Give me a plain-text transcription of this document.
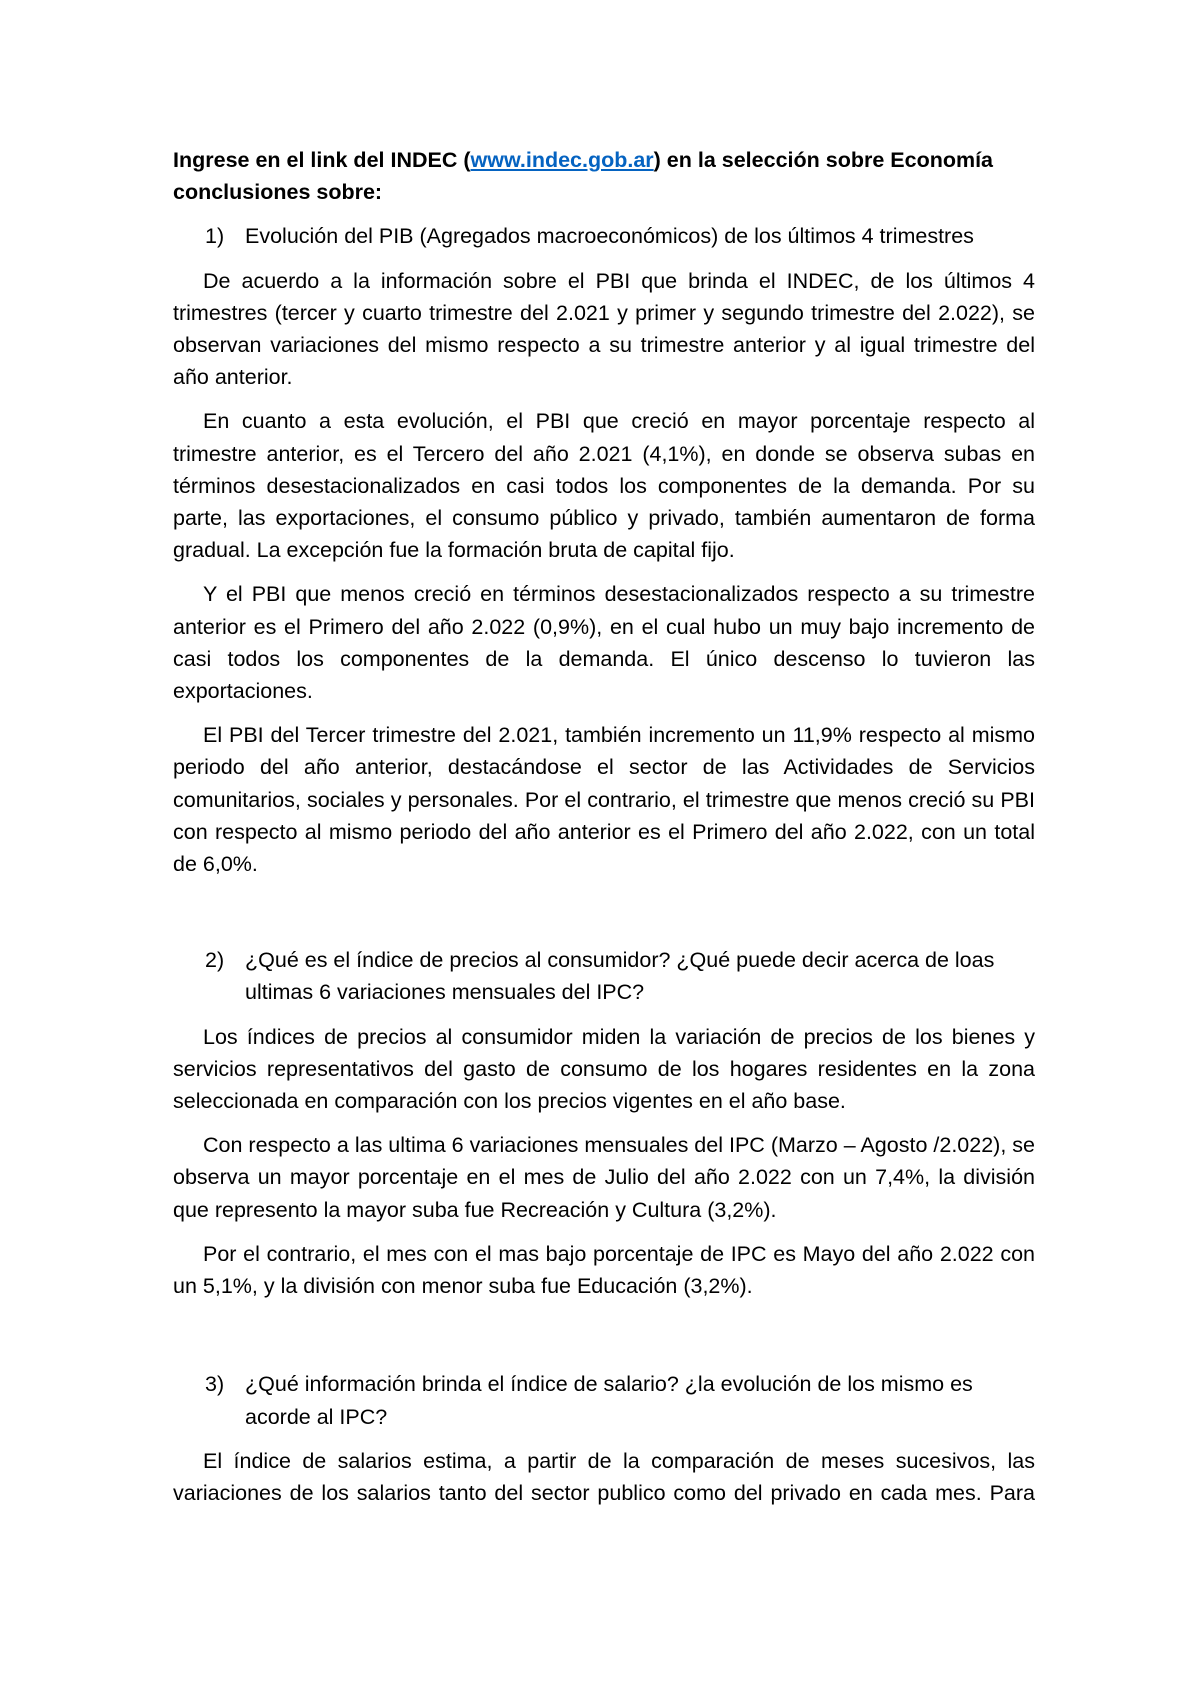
Ingrese en el link del INDEC (www.indec.gob.ar) en la selección sobre Economía conclusiones sobre:

1) Evolución del PIB (Agregados macroeconómicos) de los últimos 4 trimestres

De acuerdo a la información sobre el PBI que brinda el INDEC, de los últimos 4 trimestres (tercer y cuarto trimestre del 2.021 y primer y segundo trimestre del 2.022), se observan variaciones del mismo respecto a su trimestre anterior y al igual trimestre del año anterior.

En cuanto a esta evolución, el PBI que creció en mayor porcentaje respecto al trimestre anterior, es el Tercero del año 2.021 (4,1%), en donde se observa subas en términos desestacionalizados en casi todos los componentes de la demanda. Por su parte, las exportaciones, el consumo público y privado, también aumentaron de forma gradual. La excepción fue la formación bruta de capital fijo.

Y el PBI que menos creció en términos desestacionalizados respecto a su trimestre anterior es el Primero del año 2.022 (0,9%), en el cual hubo un muy bajo incremento de casi todos los componentes de la demanda. El único descenso lo tuvieron las exportaciones.

El PBI del Tercer trimestre del 2.021, también incremento un 11,9% respecto al mismo periodo del año anterior, destacándose el sector de las Actividades de Servicios comunitarios, sociales y personales. Por el contrario, el trimestre que menos creció su PBI con respecto al mismo periodo del año anterior es el Primero del año 2.022, con un total de 6,0%.

2) ¿Qué es el índice de precios al consumidor? ¿Qué puede decir acerca de loas ultimas 6 variaciones mensuales del IPC?

Los índices de precios al consumidor miden la variación de precios de los bienes y servicios representativos del gasto de consumo de los hogares residentes en la zona seleccionada en comparación con los precios vigentes en el año base.

Con respecto a las ultima 6 variaciones mensuales del IPC (Marzo – Agosto /2.022), se observa un mayor porcentaje en el mes de Julio del año 2.022 con un 7,4%, la división que represento la mayor suba fue Recreación y Cultura (3,2%).

Por el contrario, el mes con el mas bajo porcentaje de IPC es Mayo del año 2.022 con un 5,1%, y la división con menor suba fue Educación (3,2%).

3) ¿Qué información brinda el índice de salario? ¿la evolución de los mismo es acorde al IPC?

El índice de salarios estima, a partir de la comparación de meses sucesivos, las variaciones de los salarios tanto del sector publico como del privado en cada mes. Para
